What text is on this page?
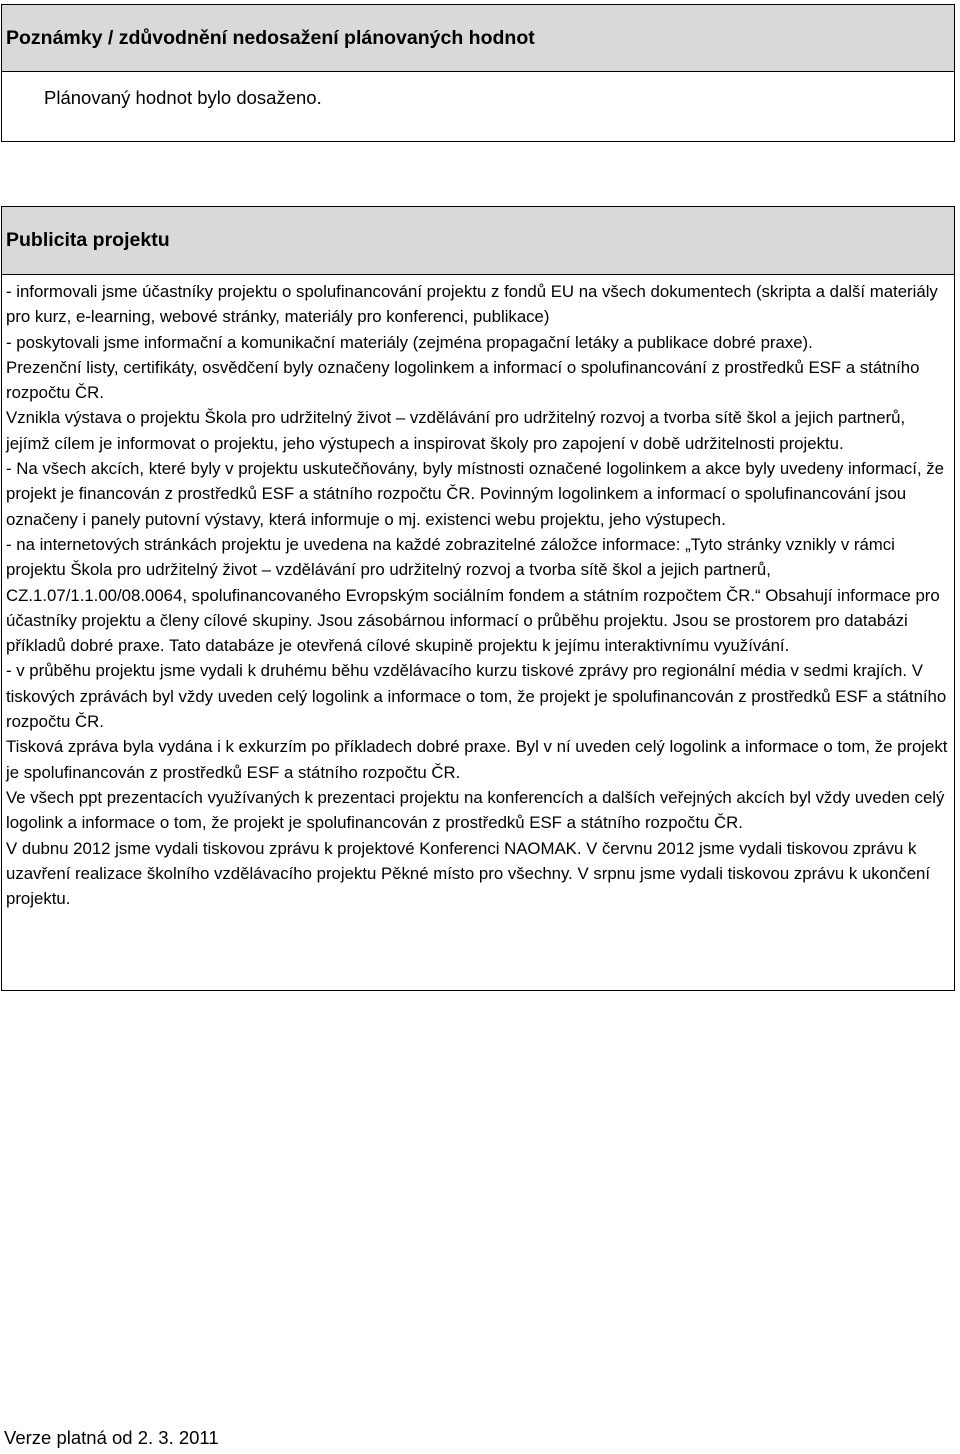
Poznámky / zdůvodnění nedosažení plánovaných hodnot
Plánovaný hodnot bylo dosaženo.
Publicita projektu

- informovali jsme účastníky projektu o spolufinancování projektu z fondů EU na všech dokumentech (skripta a další materiály pro kurz, e-learning, webové stránky, materiály pro konferenci, publikace)

- poskytovali jsme informační a komunikační materiály (zejména propagační letáky a publikace dobré praxe).

Prezenční listy, certifikáty, osvědčení byly označeny logolinkem a informací o spolufinancování z prostředků ESF a státního rozpočtu ČR.

Vznikla výstava o projektu Škola pro udržitelný život – vzdělávání pro udržitelný rozvoj a tvorba sítě škol a jejich partnerů, jejímž cílem je informovat o projektu, jeho výstupech a inspirovat školy pro zapojení v době udržitelnosti projektu.

- Na všech akcích, které byly v projektu uskutečňovány, byly místnosti označené logolinkem a akce byly uvedeny informací, že projekt je financován z prostředků ESF a státního rozpočtu ČR. Povinným logolinkem a informací o spolufinancování jsou označeny i panely putovní výstavy, která informuje o mj. existenci webu projektu, jeho výstupech.

- na internetových stránkách projektu je uvedena na každé zobrazitelné záložce informace: „Tyto stránky vznikly v rámci projektu Škola pro udržitelný život – vzdělávání pro udržitelný rozvoj a tvorba sítě škol a jejich partnerů, CZ.1.07/1.1.00/08.0064, spolufinancovaného Evropským sociálním fondem a státním rozpočtem ČR.“ Obsahují informace pro účastníky projektu a členy cílové skupiny. Jsou zásobárnou informací o průběhu projektu. Jsou se prostorem pro databázi příkladů dobré praxe. Tato databáze je otevřená cílové skupině projektu k jejímu interaktivnímu využívání.

- v průběhu projektu jsme vydali k druhému běhu vzdělávacího kurzu tiskové zprávy pro regionální média v sedmi krajích. V tiskových zprávách byl vždy uveden celý logolink a informace o tom, že projekt je spolufinancován z prostředků ESF a státního rozpočtu ČR.

Tisková zpráva byla vydána i k exkurzím po příkladech dobré praxe. Byl v ní uveden celý logolink a informace o tom, že projekt je spolufinancován z prostředků ESF a státního rozpočtu ČR.

Ve všech ppt prezentacích využívaných k prezentaci projektu na konferencích a dalších veřejných akcích byl vždy uveden celý logolink a informace o tom, že projekt je spolufinancován z prostředků ESF a státního rozpočtu ČR.

V dubnu 2012 jsme vydali tiskovou zprávu k projektové Konferenci NAOMAK. V červnu 2012 jsme vydali tiskovou zprávu k uzavření realizace školního vzdělávacího projektu Pěkné místo pro všechny. V srpnu jsme vydali tiskovou zprávu k ukončení projektu.

Verze platná od 2. 3. 2011
